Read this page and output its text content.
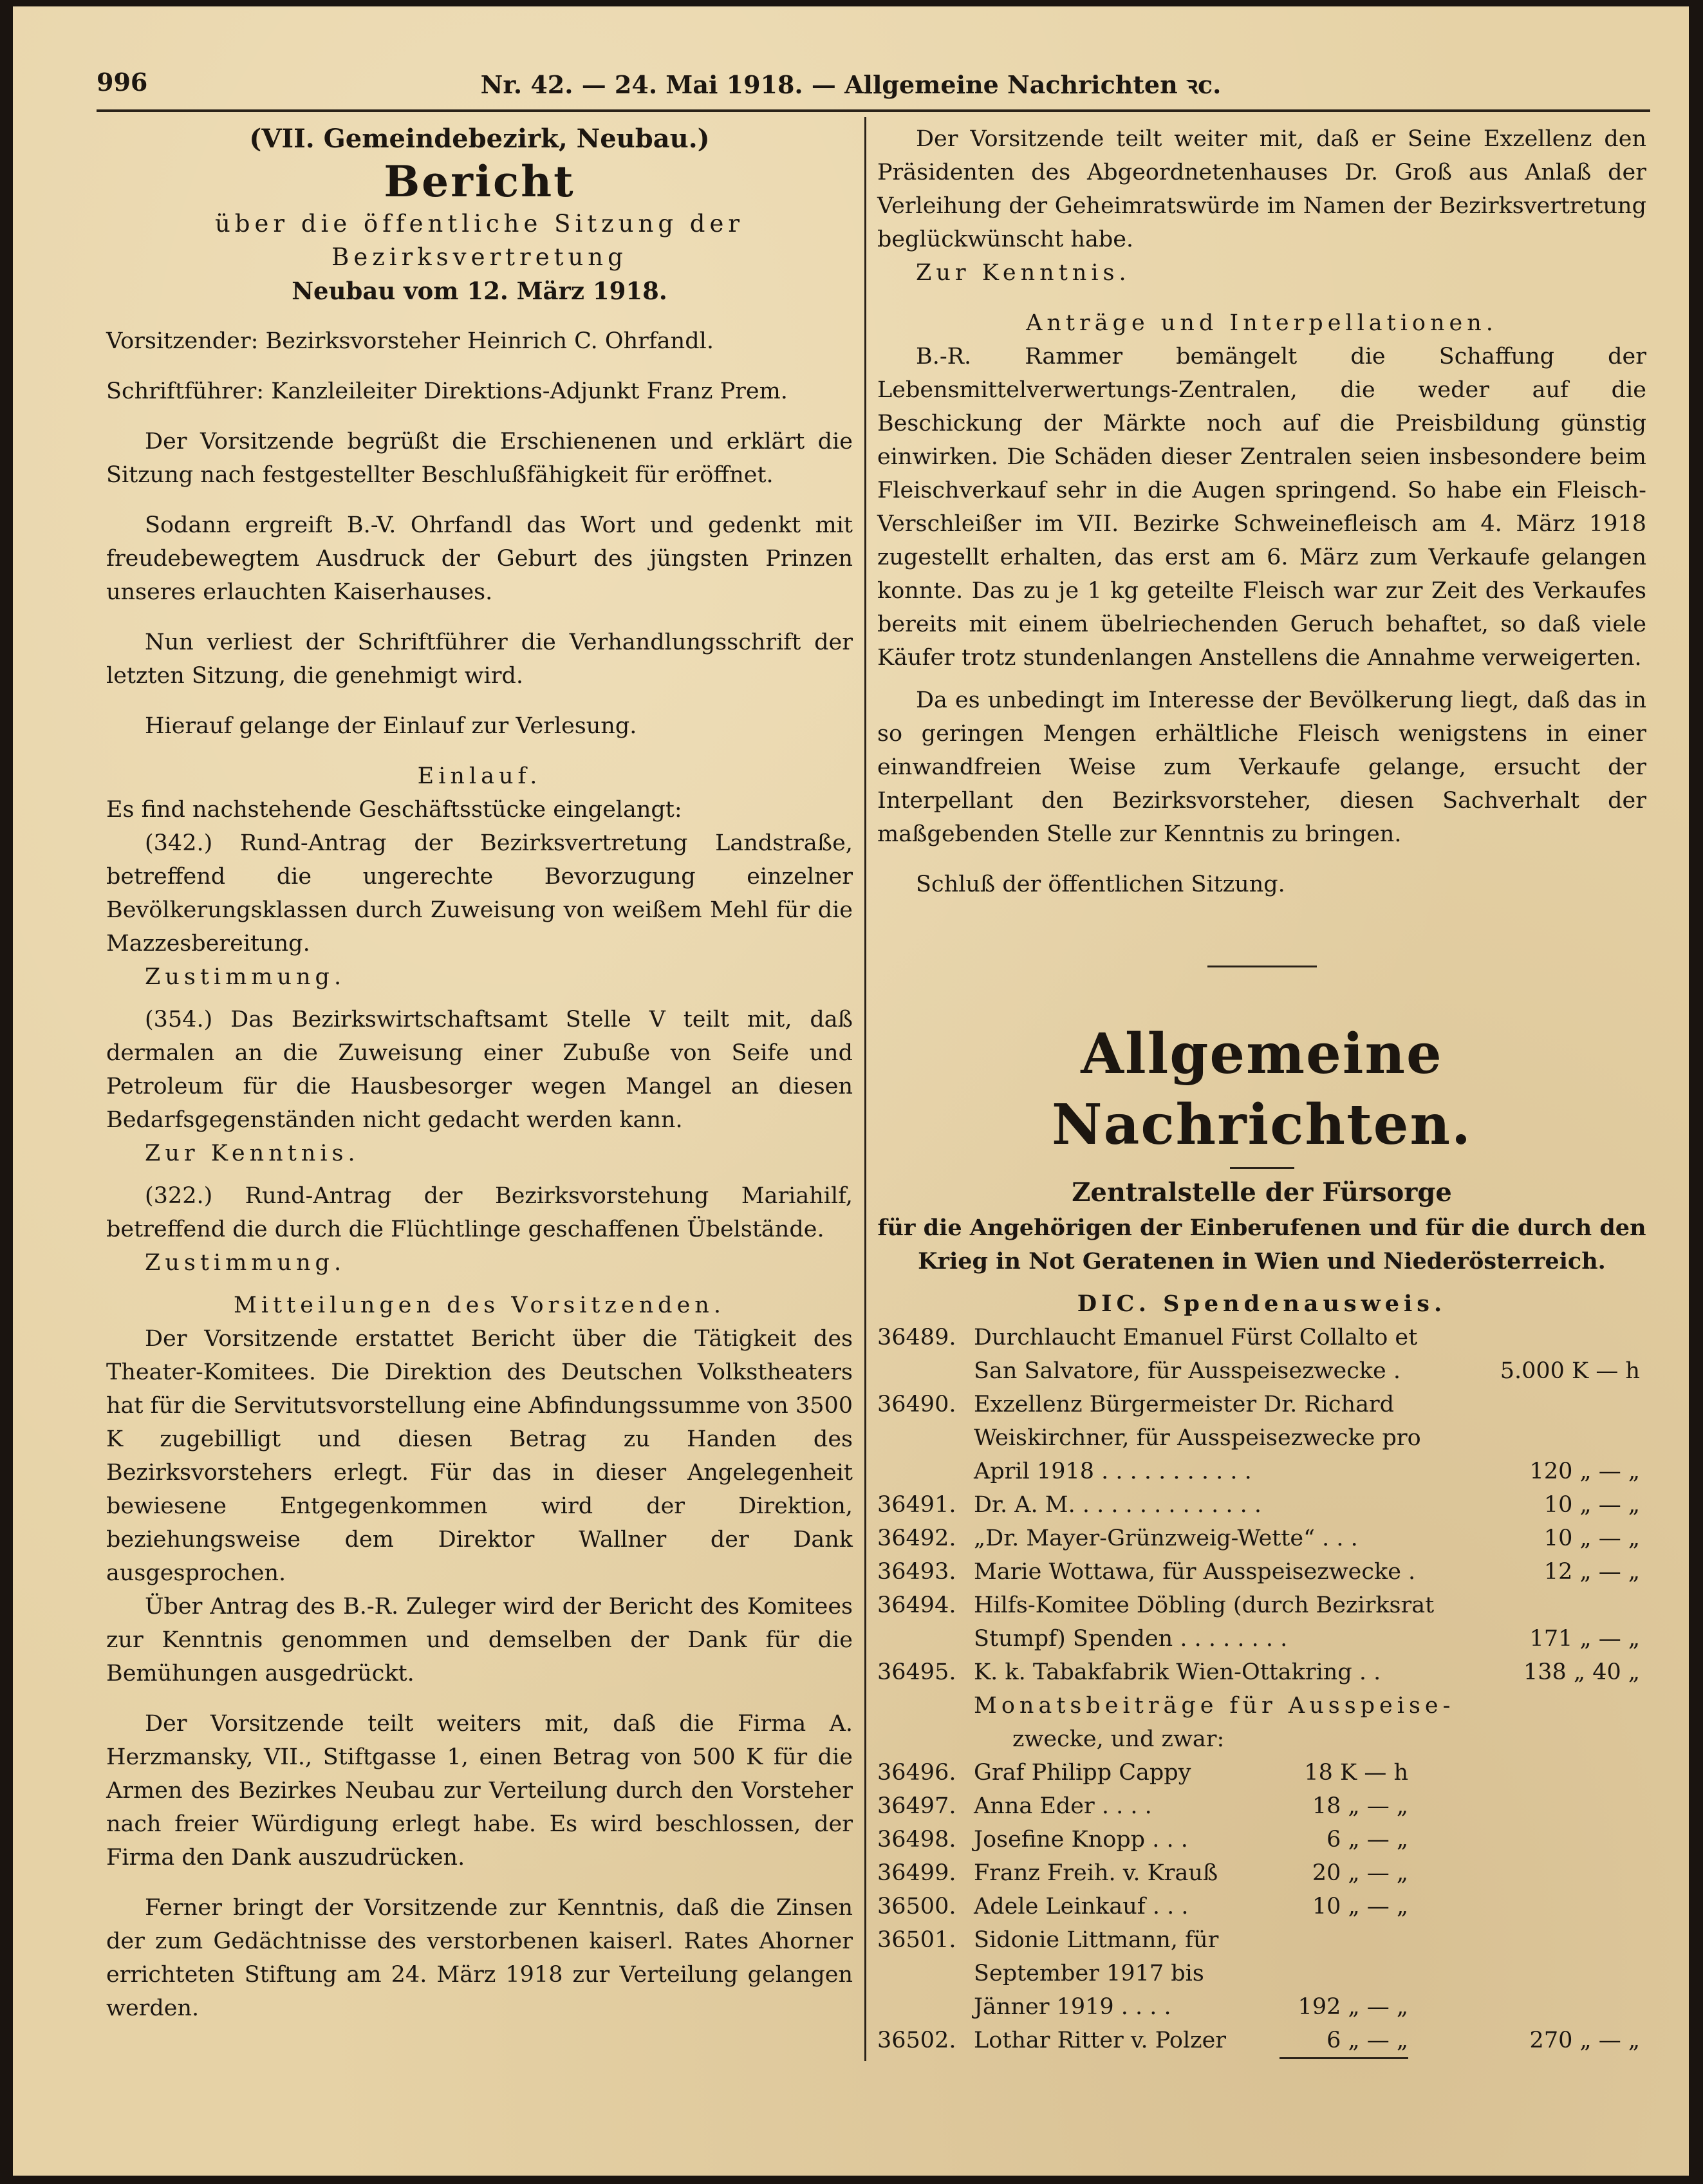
996	Nr. 42. — 24. Mai 1918. — Allgemeine Nachrichten ꝛc.

(VII. Gemeindebezirk, Neubau.)

Bericht

über die öffentliche Sitzung der Bezirksvertretung

Neubau vom 12. März 1918.

Vorsitzender: Bezirksvorsteher Heinrich C. Ohrfandl.

Schriftführer: Kanzleileiter Direktions-Adjunkt Franz Prem.

Der Vorsitzende begrüßt die Erschienenen und erklärt die Sitzung nach festgestellter Beschlußfähigkeit für eröffnet.

Sodann ergreift B.-V. Ohrfandl das Wort und gedenkt mit freudebewegtem Ausdruck der Geburt des jüngsten Prinzen unseres erlauchten Kaiserhauses.

Nun verliest der Schriftführer die Verhandlungsschrift der letzten Sitzung, die genehmigt wird.

Hierauf gelange der Einlauf zur Verlesung.

Einlauf.

Es find nachstehende Geschäftsstücke eingelangt:

(342.) Rund-Antrag der Bezirksvertretung Landstraße, betreffend die ungerechte Bevorzugung einzelner Bevölkerungsklassen durch Zuweisung von weißem Mehl für die Mazzesbereitung.

Zustimmung.

(354.) Das Bezirkswirtschaftsamt Stelle V teilt mit, daß dermalen an die Zuweisung einer Zubuße von Seife und Petroleum für die Hausbesorger wegen Mangel an diesen Bedarfsgegenständen nicht gedacht werden kann.

Zur Kenntnis.

(322.) Rund-Antrag der Bezirksvorstehung Mariahilf, betreffend die durch die Flüchtlinge geschaffenen Übelstände.

Zustimmung.

Mitteilungen des Vorsitzenden.

Der Vorsitzende erstattet Bericht über die Tätigkeit des Theater-Komitees. Die Direktion des Deutschen Volkstheaters hat für die Servitutsvorstellung eine Abfindungssumme von 3500 K zugebilligt und diesen Betrag zu Handen des Bezirksvorstehers erlegt. Für das in dieser Angelegenheit bewiesene Entgegenkommen wird der Direktion, beziehungsweise dem Direktor Wallner der Dank ausgesprochen.

Über Antrag des B.-R. Zuleger wird der Bericht des Komitees zur Kenntnis genommen und demselben der Dank für die Bemühungen ausgedrückt.

Der Vorsitzende teilt weiters mit, daß die Firma A. Herzmansky, VII., Stiftgasse 1, einen Betrag von 500 K für die Armen des Bezirkes Neubau zur Verteilung durch den Vorsteher nach freier Würdigung erlegt habe. Es wird beschlossen, der Firma den Dank auszudrücken.

Ferner bringt der Vorsitzende zur Kenntnis, daß die Zinsen der zum Gedächtnisse des verstorbenen kaiserl. Rates Ahorner errichteten Stiftung am 24. März 1918 zur Verteilung gelangen werden.

Der Vorsitzende teilt weiter mit, daß er Seine Exzellenz den Präsidenten des Abgeordnetenhauses Dr. Groß aus Anlaß der Verleihung der Geheimratswürde im Namen der Bezirksvertretung beglückwünscht habe.

Zur Kenntnis.

Anträge und Interpellationen.

B.-R. Rammer bemängelt die Schaffung der Lebensmittelverwertungs-Zentralen, die weder auf die Beschickung der Märkte noch auf die Preisbildung günstig einwirken. Die Schäden dieser Zentralen seien insbesondere beim Fleischverkauf sehr in die Augen springend. So habe ein Fleisch-Verschleißer im VII. Bezirke Schweinefleisch am 4. März 1918 zugestellt erhalten, das erst am 6. März zum Verkaufe gelangen konnte. Das zu je 1 kg geteilte Fleisch war zur Zeit des Verkaufes bereits mit einem übelriechenden Geruch behaftet, so daß viele Käufer trotz stundenlangen Anstellens die Annahme verweigerten.

Da es unbedingt im Interesse der Bevölkerung liegt, daß das in so geringen Mengen erhältliche Fleisch wenigstens in einer einwandfreien Weise zum Verkaufe gelange, ersucht der Interpellant den Bezirksvorsteher, diesen Sachverhalt der maßgebenden Stelle zur Kenntnis zu bringen.

Schluß der öffentlichen Sitzung.

Allgemeine Nachrichten.

Zentralstelle der Fürsorge

für die Angehörigen der Einberufenen und für die durch den Krieg in Not Geratenen in Wien und Niederösterreich.

DIC. Spendenausweis.

36489. Durchlaucht Emanuel Fürst Collalto et
San Salvatore, für Ausspeisezwecke .	5.000 K — h
36490. Exzellenz Bürgermeister Dr. Richard
Weiskirchner, für Ausspeisezwecke pro
April 1918 . . . . . . . . . . .	120 „ — „
36491. Dr. A. M. . . . . . . . . . . . . .	10 „ — „
36492. „Dr. Mayer-Grünzweig-Wette“ . . .	10 „ — „
36493. Marie Wottawa, für Ausspeisezwecke .	12 „ — „
36494. Hilfs-Komitee Döbling (durch Bezirksrat
Stumpf) Spenden . . . . . . . .	171 „ — „
36495. K. k. Tabakfabrik Wien-Ottakring . .	138 „ 40 „
Monatsbeiträge für Ausspeise-
zwecke, und zwar:
36496. Graf Philipp Cappy	18 K — h
36497. Anna Eder . . . .	18 „ — „
36498. Josefine Knopp . . .	6 „ — „
36499. Franz Freih. v. Krauß	20 „ — „
36500. Adele Leinkauf . . .	10 „ — „
36501. Sidonie Littmann, für
September 1917 bis
Jänner 1919 . . . .	192 „ — „
36502. Lothar Ritter v. Polzer	6 „ — „	270 „ — „
